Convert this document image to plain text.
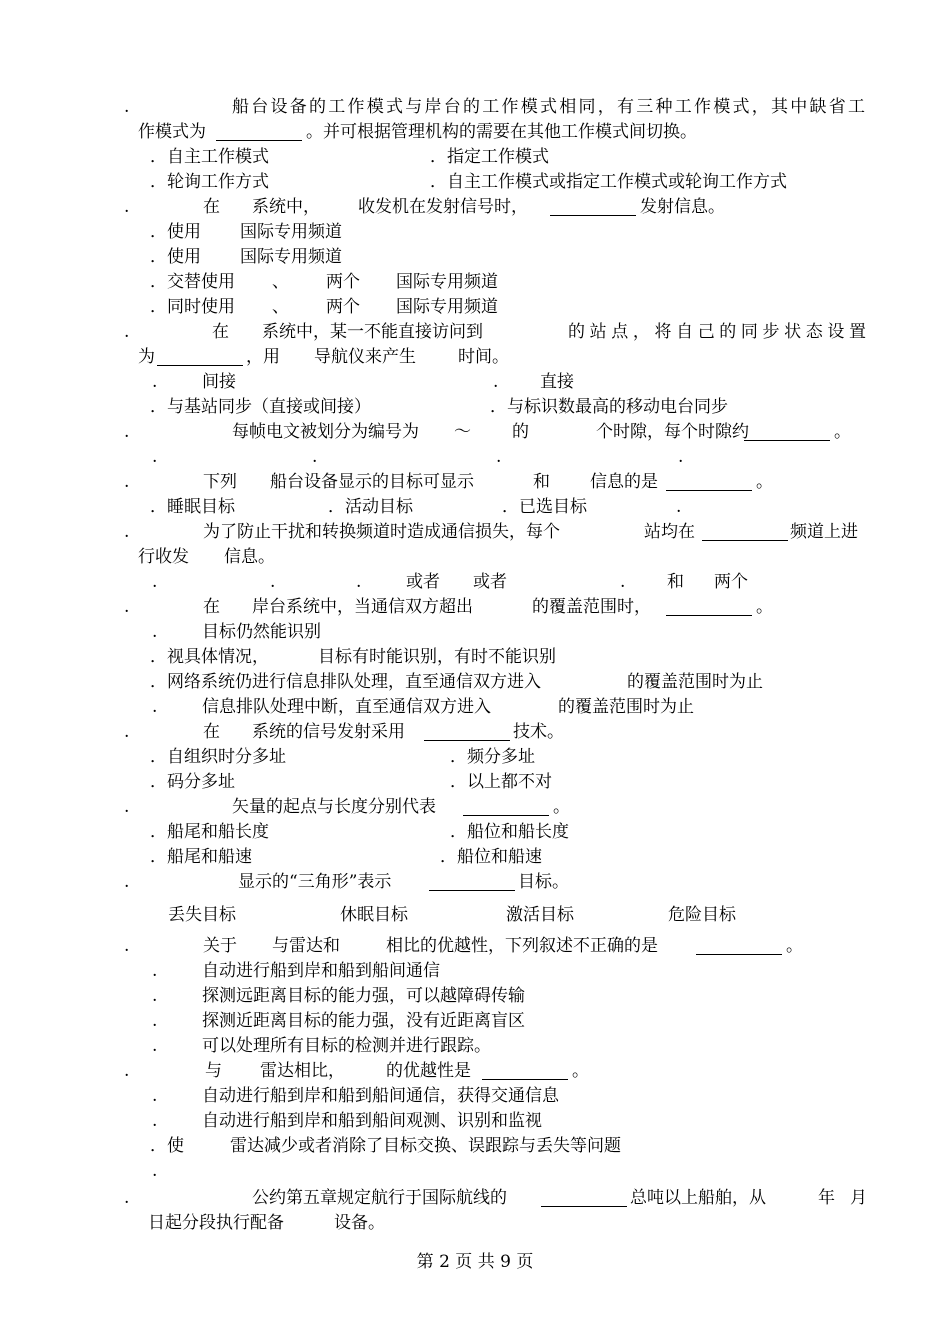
.	船台设备的工作模式与岸台的工作模式相同，有三种工作模式，其中缺省工
作模式为	。并可根据管理机构的需要在其他工作模式间切换。
．自主工作模式	．指定工作模式
．轮询工作方式	．自主工作模式或指定工作模式或轮询工作方式
.	在 系统中， 收发机在发射信号时，	发射信息。
．使用 国际专用频道
．使用 国际专用频道
．交替使用 、 两个 国际专用频道
．同时使用 、 两个 国际专用频道
.	在 系统中，某一不能直接访问到	的站点，将自己的同步状态设置
为	，用 导航仪来产生 时间。
.	间接	. 直接
．与基站同步（直接或间接）	．与标识数最高的移动电台同步
.	每帧电文被划分为编号为 ～ 的	个时隙，每个时隙约	。
.	.	.	.
.	下列 船台设备显示的目标可显示	和 信息的是	。
．睡眠目标	．活动目标	．已选目标	.
.	为了防止干扰和转换频道时造成通信损失，每个	站均在	频道上进
行收发 信息。
.	.	.	或者 或者	. 和 两个
.	在 岸台系统中，当通信双方超出	的覆盖范围时，	。
.	目标仍然能识别
．视具体情况，	目标有时能识别，有时不能识别
．网络系统仍进行信息排队处理，直至通信双方进入	的覆盖范围时为止
.	信息排队处理中断，直至通信双方进入	的覆盖范围时为止
.	在 系统的信号发射采用	技术。
．自组织时分多址	．频分多址
．码分多址	．以上都不对
.	矢量的起点与长度分别代表	。
．船尾和船长度	．船位和船长度
．船尾和船速	．船位和船速
.	显示的“三角形”表示	目标。
丢失目标	休眠目标	激活目标	危险目标
.	关于 与雷达和	相比的优越性，下列叙述不正确的是	。
.	自动进行船到岸和船到船间通信
.	探测远距离目标的能力强，可以越障碍传输
.	探测近距离目标的能力强，没有近距离盲区
.	可以处理所有目标的检测并进行跟踪。
.	与 雷达相比， 的优越性是	。
.	自动进行船到岸和船到船间通信，获得交通信息
.	自动进行船到岸和船到船间观测、识别和监视
．使	雷达减少或者消除了目标交换、误跟踪与丢失等问题
.
.	公约第五章规定航行于国际航线的	总吨以上船舶，从	年 月
日起分段执行配备	设备。
第 2 页 共 9 页
